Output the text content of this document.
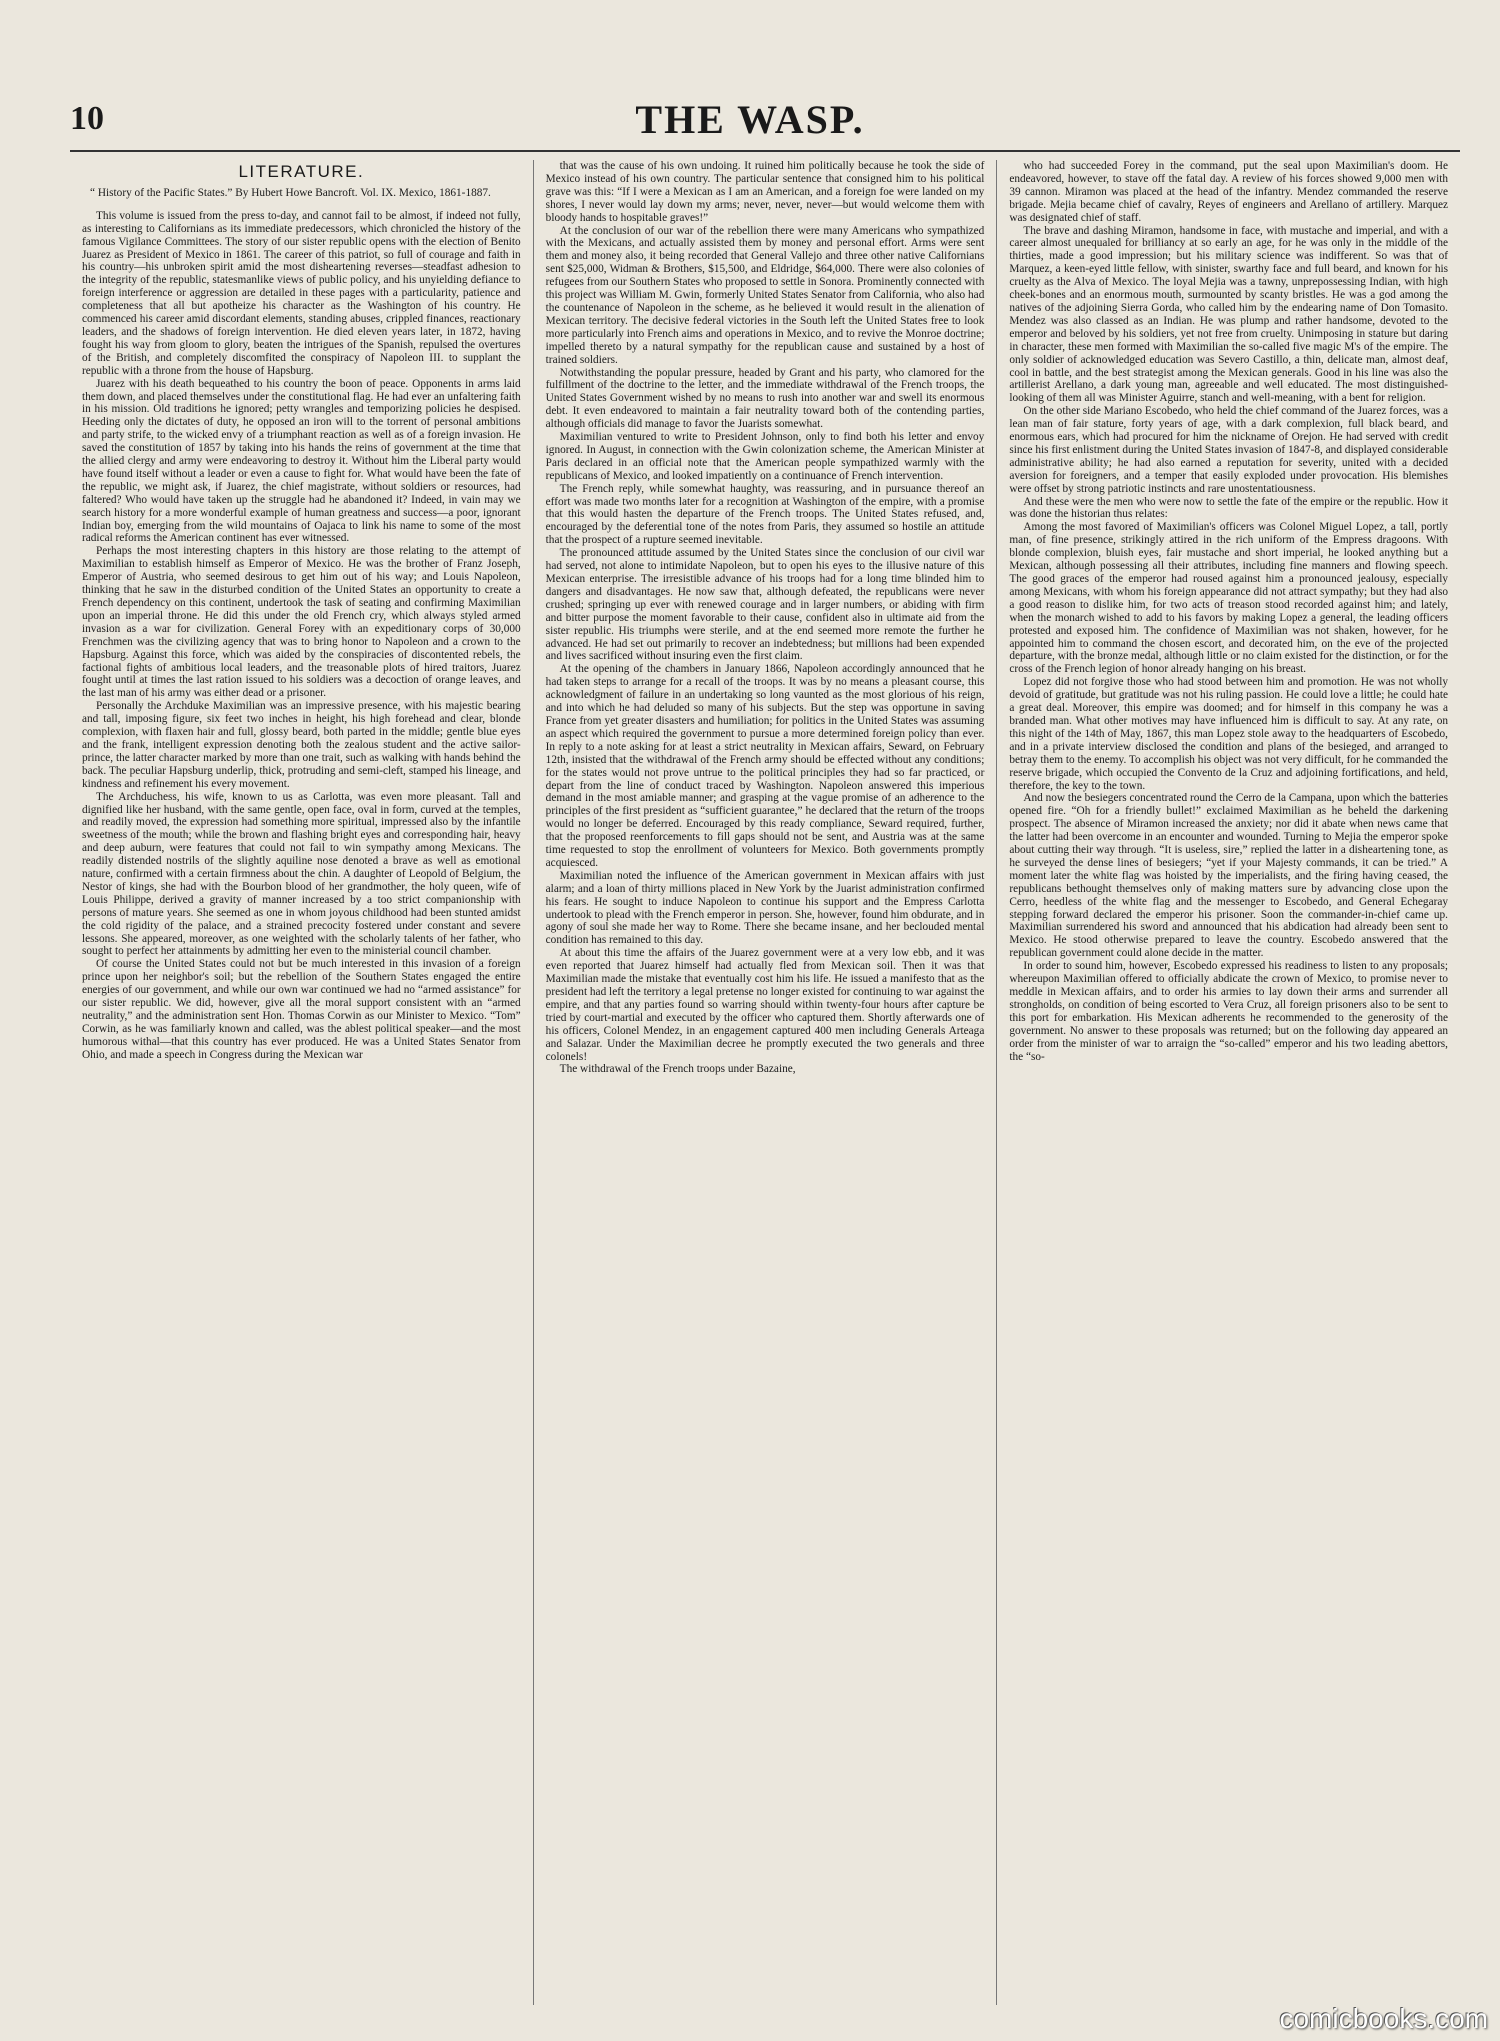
10	THE WASP.
LITERATURE.

“ History of the Pacific States.” By Hubert Howe Bancroft. Vol. IX. Mexico, 1861-1887.

This volume is issued from the press to-day, and cannot fail to be almost, if indeed not fully, as interesting to Californians as its immediate predecessors, which chronicled the history of the famous Vigilance Committees. The story of our sister republic opens with the election of Benito Juarez as President of Mexico in 1861. The career of this patriot, so full of courage and faith in his country—his unbroken spirit amid the most disheartening reverses—steadfast adhesion to the integrity of the republic, statesmanlike views of public policy, and his unyielding defiance to foreign interference or aggression are detailed in these pages with a particularity, patience and completeness that all but apotheize his character as the Washington of his country. He commenced his career amid discordant elements, standing abuses, crippled finances, reactionary leaders, and the shadows of foreign intervention. He died eleven years later, in 1872, having fought his way from gloom to glory, beaten the intrigues of the Spanish, repulsed the overtures of the British, and completely discomfited the conspiracy of Napoleon III. to supplant the republic with a throne from the house of Hapsburg.

Juarez with his death bequeathed to his country the boon of peace. Opponents in arms laid them down, and placed themselves under the constitutional flag. He had ever an unfaltering faith in his mission. Old traditions he ignored; petty wrangles and temporizing policies he despised. Heeding only the dictates of duty, he opposed an iron will to the torrent of personal ambitions and party strife, to the wicked envy of a triumphant reaction as well as of a foreign invasion. He saved the constitution of 1857 by taking into his hands the reins of government at the time that the allied clergy and army were endeavoring to destroy it. Without him the Liberal party would have found itself without a leader or even a cause to fight for. What would have been the fate of the republic, we might ask, if Juarez, the chief magistrate, without soldiers or resources, had faltered? Who would have taken up the struggle had he abandoned it? Indeed, in vain may we search history for a more wonderful example of human greatness and success—a poor, ignorant Indian boy, emerging from the wild mountains of Oajaca to link his name to some of the most radical reforms the American continent has ever witnessed.

Perhaps the most interesting chapters in this history are those relating to the attempt of Maximilian to establish himself as Emperor of Mexico. He was the brother of Franz Joseph, Emperor of Austria, who seemed desirous to get him out of his way; and Louis Napoleon, thinking that he saw in the disturbed condition of the United States an opportunity to create a French dependency on this continent, undertook the task of seating and confirming Maximilian upon an imperial throne. He did this under the old French cry, which always styled armed invasion as a war for civilization. General Forey with an expeditionary corps of 30,000 Frenchmen was the civilizing agency that was to bring honor to Napoleon and a crown to the Hapsburg. Against this force, which was aided by the conspiracies of discontented rebels, the factional fights of ambitious local leaders, and the treasonable plots of hired traitors, Juarez fought until at times the last ration issued to his soldiers was a decoction of orange leaves, and the last man of his army was either dead or a prisoner.

Personally the Archduke Maximilian was an impressive presence, with his majestic bearing and tall, imposing figure, six feet two inches in height, his high forehead and clear, blonde complexion, with flaxen hair and full, glossy beard, both parted in the middle; gentle blue eyes and the frank, intelligent expression denoting both the zealous student and the active sailor-prince, the latter character marked by more than one trait, such as walking with hands behind the back. The peculiar Hapsburg underlip, thick, protruding and semi-cleft, stamped his lineage, and kindness and refinement his every movement.

The Archduchess, his wife, known to us as Carlotta, was even more pleasant. Tall and dignified like her husband, with the same gentle, open face, oval in form, curved at the temples, and readily moved, the expression had something more spiritual, impressed also by the infantile sweetness of the mouth; while the brown and flashing bright eyes and corresponding hair, heavy and deep auburn, were features that could not fail to win sympathy among Mexicans. The readily distended nostrils of the slightly aquiline nose denoted a brave as well as emotional nature, confirmed with a certain firmness about the chin. A daughter of Leopold of Belgium, the Nestor of kings, she had with the Bourbon blood of her grandmother, the holy queen, wife of Louis Philippe, derived a gravity of manner increased by a too strict companionship with persons of mature years. She seemed as one in whom joyous childhood had been stunted amidst the cold rigidity of the palace, and a strained precocity fostered under constant and severe lessons. She appeared, moreover, as one weighted with the scholarly talents of her father, who sought to perfect her attainments by admitting her even to the ministerial council chamber.

Of course the United States could not but be much interested in this invasion of a foreign prince upon her neighbor's soil; but the rebellion of the Southern States engaged the entire energies of our government, and while our own war continued we had no “armed assistance” for our sister republic. We did, however, give all the moral support consistent with an “armed neutrality,” and the administration sent Hon. Thomas Corwin as our Minister to Mexico. “Tom” Corwin, as he was familiarly known and called, was the ablest political speaker—and the most humorous withal—that this country has ever produced. He was a United States Senator from Ohio, and made a speech in Congress during the Mexican war

that was the cause of his own undoing. It ruined him politically because he took the side of Mexico instead of his own country. The particular sentence that consigned him to his political grave was this: “If I were a Mexican as I am an American, and a foreign foe were landed on my shores, I never would lay down my arms; never, never, never—but would welcome them with bloody hands to hospitable graves!”

At the conclusion of our war of the rebellion there were many Americans who sympathized with the Mexicans, and actually assisted them by money and personal effort. Arms were sent them and money also, it being recorded that General Vallejo and three other native Californians sent $25,000, Widman & Brothers, $15,500, and Eldridge, $64,000. There were also colonies of refugees from our Southern States who proposed to settle in Sonora. Prominently connected with this project was William M. Gwin, formerly United States Senator from California, who also had the countenance of Napoleon in the scheme, as he believed it would result in the alienation of Mexican territory. The decisive federal victories in the South left the United States free to look more particularly into French aims and operations in Mexico, and to revive the Monroe doctrine; impelled thereto by a natural sympathy for the republican cause and sustained by a host of trained soldiers.

Notwithstanding the popular pressure, headed by Grant and his party, who clamored for the fulfillment of the doctrine to the letter, and the immediate withdrawal of the French troops, the United States Government wished by no means to rush into another war and swell its enormous debt. It even endeavored to maintain a fair neutrality toward both of the contending parties, although officials did manage to favor the Juarists somewhat.

Maximilian ventured to write to President Johnson, only to find both his letter and envoy ignored. In August, in connection with the Gwin colonization scheme, the American Minister at Paris declared in an official note that the American people sympathized warmly with the republicans of Mexico, and looked impatiently on a continuance of French intervention.

The French reply, while somewhat haughty, was reassuring, and in pursuance thereof an effort was made two months later for a recognition at Washington of the empire, with a promise that this would hasten the departure of the French troops. The United States refused, and, encouraged by the deferential tone of the notes from Paris, they assumed so hostile an attitude that the prospect of a rupture seemed inevitable.

The pronounced attitude assumed by the United States since the conclusion of our civil war had served, not alone to intimidate Napoleon, but to open his eyes to the illusive nature of this Mexican enterprise. The irresistible advance of his troops had for a long time blinded him to dangers and disadvantages. He now saw that, although defeated, the republicans were never crushed; springing up ever with renewed courage and in larger numbers, or abiding with firm and bitter purpose the moment favorable to their cause, confident also in ultimate aid from the sister republic. His triumphs were sterile, and at the end seemed more remote the further he advanced. He had set out primarily to recover an indebtedness; but millions had been expended and lives sacrificed without insuring even the first claim.

At the opening of the chambers in January 1866, Napoleon accordingly announced that he had taken steps to arrange for a recall of the troops. It was by no means a pleasant course, this acknowledgment of failure in an undertaking so long vaunted as the most glorious of his reign, and into which he had deluded so many of his subjects. But the step was opportune in saving France from yet greater disasters and humiliation; for politics in the United States was assuming an aspect which required the government to pursue a more determined foreign policy than ever. In reply to a note asking for at least a strict neutrality in Mexican affairs, Seward, on February 12th, insisted that the withdrawal of the French army should be effected without any conditions; for the states would not prove untrue to the political principles they had so far practiced, or depart from the line of conduct traced by Washington. Napoleon answered this imperious demand in the most amiable manner; and grasping at the vague promise of an adherence to the principles of the first president as “sufficient guarantee,” he declared that the return of the troops would no longer be deferred. Encouraged by this ready compliance, Seward required, further, that the proposed reenforcements to fill gaps should not be sent, and Austria was at the same time requested to stop the enrollment of volunteers for Mexico. Both governments promptly acquiesced.

Maximilian noted the influence of the American government in Mexican affairs with just alarm; and a loan of thirty millions placed in New York by the Juarist administration confirmed his fears. He sought to induce Napoleon to continue his support and the Empress Carlotta undertook to plead with the French emperor in person. She, however, found him obdurate, and in agony of soul she made her way to Rome. There she became insane, and her beclouded mental condition has remained to this day.

At about this time the affairs of the Juarez government were at a very low ebb, and it was even reported that Juarez himself had actually fled from Mexican soil. Then it was that Maximilian made the mistake that eventually cost him his life. He issued a manifesto that as the president had left the territory a legal pretense no longer existed for continuing to war against the empire, and that any parties found so warring should within twenty-four hours after capture be tried by court-martial and executed by the officer who captured them. Shortly afterwards one of his officers, Colonel Mendez, in an engagement captured 400 men including Generals Arteaga and Salazar. Under the Maximilian decree he promptly executed the two generals and three colonels!

The withdrawal of the French troops under Bazaine,

who had succeeded Forey in the command, put the seal upon Maximilian's doom. He endeavored, however, to stave off the fatal day. A review of his forces showed 9,000 men with 39 cannon. Miramon was placed at the head of the infantry. Mendez commanded the reserve brigade. Mejia became chief of cavalry, Reyes of engineers and Arellano of artillery. Marquez was designated chief of staff.

The brave and dashing Miramon, handsome in face, with mustache and imperial, and with a career almost unequaled for brilliancy at so early an age, for he was only in the middle of the thirties, made a good impression; but his military science was indifferent. So was that of Marquez, a keen-eyed little fellow, with sinister, swarthy face and full beard, and known for his cruelty as the Alva of Mexico. The loyal Mejia was a tawny, unprepossessing Indian, with high cheek-bones and an enormous mouth, surmounted by scanty bristles. He was a god among the natives of the adjoining Sierra Gorda, who called him by the endearing name of Don Tomasito. Mendez was also classed as an Indian. He was plump and rather handsome, devoted to the emperor and beloved by his soldiers, yet not free from cruelty. Unimposing in stature but daring in character, these men formed with Maximilian the so-called five magic M's of the empire. The only soldier of acknowledged education was Severo Castillo, a thin, delicate man, almost deaf, cool in battle, and the best strategist among the Mexican generals. Good in his line was also the artillerist Arellano, a dark young man, agreeable and well educated. The most distinguished-looking of them all was Minister Aguirre, stanch and well-meaning, with a bent for religion.

On the other side Mariano Escobedo, who held the chief command of the Juarez forces, was a lean man of fair stature, forty years of age, with a dark complexion, full black beard, and enormous ears, which had procured for him the nickname of Orejon. He had served with credit since his first enlistment during the United States invasion of 1847-8, and displayed considerable administrative ability; he had also earned a reputation for severity, united with a decided aversion for foreigners, and a temper that easily exploded under provocation. His blemishes were offset by strong patriotic instincts and rare unostentatiousness.

And these were the men who were now to settle the fate of the empire or the republic. How it was done the historian thus relates:

Among the most favored of Maximilian's officers was Colonel Miguel Lopez, a tall, portly man, of fine presence, strikingly attired in the rich uniform of the Empress dragoons. With blonde complexion, bluish eyes, fair mustache and short imperial, he looked anything but a Mexican, although possessing all their attributes, including fine manners and flowing speech. The good graces of the emperor had roused against him a pronounced jealousy, especially among Mexicans, with whom his foreign appearance did not attract sympathy; but they had also a good reason to dislike him, for two acts of treason stood recorded against him; and lately, when the monarch wished to add to his favors by making Lopez a general, the leading officers protested and exposed him. The confidence of Maximilian was not shaken, however, for he appointed him to command the chosen escort, and decorated him, on the eve of the projected departure, with the bronze medal, although little or no claim existed for the distinction, or for the cross of the French legion of honor already hanging on his breast.

Lopez did not forgive those who had stood between him and promotion. He was not wholly devoid of gratitude, but gratitude was not his ruling passion. He could love a little; he could hate a great deal. Moreover, this empire was doomed; and for himself in this company he was a branded man. What other motives may have influenced him is difficult to say. At any rate, on this night of the 14th of May, 1867, this man Lopez stole away to the headquarters of Escobedo, and in a private interview disclosed the condition and plans of the besieged, and arranged to betray them to the enemy. To accomplish his object was not very difficult, for he commanded the reserve brigade, which occupied the Convento de la Cruz and adjoining fortifications, and held, therefore, the key to the town.

And now the besiegers concentrated round the Cerro de la Campana, upon which the batteries opened fire. “Oh for a friendly bullet!” exclaimed Maximilian as he beheld the darkening prospect. The absence of Miramon increased the anxiety; nor did it abate when news came that the latter had been overcome in an encounter and wounded. Turning to Mejia the emperor spoke about cutting their way through. “It is useless, sire,” replied the latter in a disheartening tone, as he surveyed the dense lines of besiegers; “yet if your Majesty commands, it can be tried.” A moment later the white flag was hoisted by the imperialists, and the firing having ceased, the republicans bethought themselves only of making matters sure by advancing close upon the Cerro, heedless of the white flag and the messenger to Escobedo, and General Echegaray stepping forward declared the emperor his prisoner. Soon the commander-in-chief came up. Maximilian surrendered his sword and announced that his abdication had already been sent to Mexico. He stood otherwise prepared to leave the country. Escobedo answered that the republican government could alone decide in the matter.

In order to sound him, however, Escobedo expressed his readiness to listen to any proposals; whereupon Maximilian offered to officially abdicate the crown of Mexico, to promise never to meddle in Mexican affairs, and to order his armies to lay down their arms and surrender all strongholds, on condition of being escorted to Vera Cruz, all foreign prisoners also to be sent to this port for embarkation. His Mexican adherents he recommended to the generosity of the government. No answer to these proposals was returned; but on the following day appeared an order from the minister of war to arraign the “so-called” emperor and his two leading abettors, the “so-

comicbooks.com
